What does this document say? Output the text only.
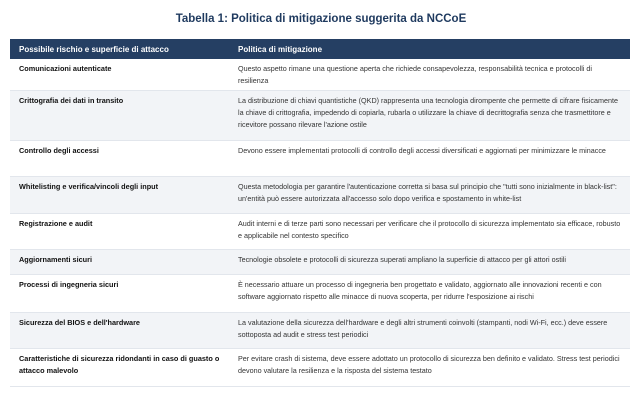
Tabella 1: Politica di mitigazione suggerita da NCCoE
Possibile rischio e superficie di attacco	Politica di mitigazione
Comunicazioni autenticate	Questo aspetto rimane una questione aperta che richiede consapevolezza, responsabilità tecnica e protocolli di resilienza
Crittografia dei dati in transito	La distribuzione di chiavi quantistiche (QKD) rappresenta una tecnologia dirompente che permette di cifrare fisicamente la chiave di crittografia, impedendo di copiarla, rubarla o utilizzare la chiave di decrittografia senza che trasmettitore e ricevitore possano rilevare l'azione ostile
Controllo degli accessi	Devono essere implementati protocolli di controllo degli accessi diversificati e aggiornati per minimizzare le minacce
Whitelisting e verifica/vincoli degli input	Questa metodologia per garantire l'autenticazione corretta si basa sul principio che "tutti sono inizialmente in black-list": un'entità può essere autorizzata all'accesso solo dopo verifica e spostamento in white-list
Registrazione e audit	Audit interni e di terze parti sono necessari per verificare che il protocollo di sicurezza implementato sia efficace, robusto e applicabile nel contesto specifico
Aggiornamenti sicuri	Tecnologie obsolete e protocolli di sicurezza superati ampliano la superficie di attacco per gli attori ostili
Processi di ingegneria sicuri	È necessario attuare un processo di ingegneria ben progettato e validato, aggiornato alle innovazioni recenti e con software aggiornato rispetto alle minacce di nuova scoperta, per ridurre l'esposizione ai rischi
Sicurezza del BIOS e dell'hardware	La valutazione della sicurezza dell'hardware e degli altri strumenti coinvolti (stampanti, nodi Wi-Fi, ecc.) deve essere sottoposta ad audit e stress test periodici
Caratteristiche di sicurezza ridondanti in caso di guasto o attacco malevolo	Per evitare crash di sistema, deve essere adottato un protocollo di sicurezza ben definito e validato. Stress test periodici devono valutare la resilienza e la risposta del sistema testato
